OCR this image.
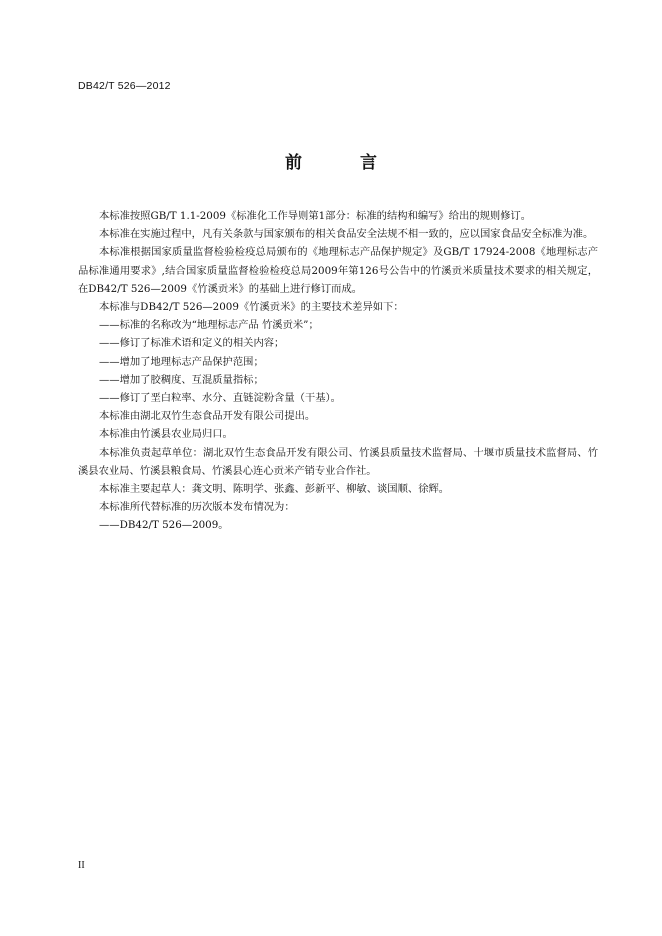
DB42/T 526—2012
前 言

本标准按照GB/T 1.1-2009《标准化工作导则第1部分：标准的结构和编写》给出的规则修订。

本标准在实施过程中，凡有关条款与国家颁布的相关食品安全法规不相一致的，应以国家食品安全标准为准。

本标准根据国家质量监督检验检疫总局颁布的《地理标志产品保护规定》及GB/T 17924-2008《地理标志产品标准通用要求》,结合国家质量监督检验检疫总局2009年第126号公告中的竹溪贡米质量技术要求的相关规定，在DB42/T 526—2009《竹溪贡米》的基础上进行修订而成。

本标准与DB42/T 526—2009《竹溪贡米》的主要技术差异如下：

——标准的名称改为“地理标志产品 竹溪贡米”；

——修订了标准术语和定义的相关内容；

——增加了地理标志产品保护范围；

——增加了胶稠度、互混质量指标；

——修订了垩白粒率、水分、直链淀粉含量（干基）。

本标准由湖北双竹生态食品开发有限公司提出。

本标准由竹溪县农业局归口。

本标准负责起草单位：湖北双竹生态食品开发有限公司、竹溪县质量技术监督局、十堰市质量技术监督局、竹溪县农业局、竹溪县粮食局、竹溪县心连心贡米产销专业合作社。

本标准主要起草人：龚文明、陈明学、张鑫、彭新平、柳敏、谈国顺、徐辉。

本标准所代替标准的历次版本发布情况为：

——DB42/T 526—2009。

II
